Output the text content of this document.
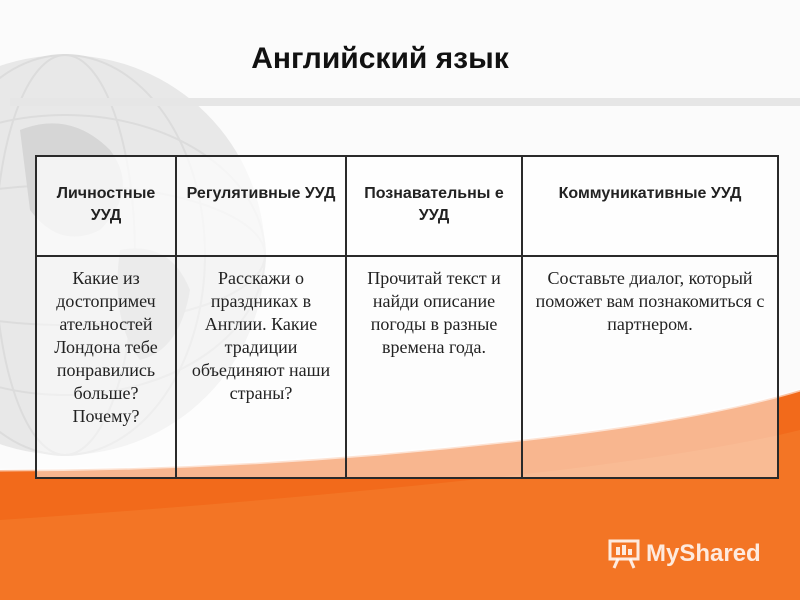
Английский язык
Личностные УУД	Регулятивные УУД	Познавательны е УУД	Коммуникативные УУД

Какие из достопримеч ательностей Лондона тебе понравились больше? Почему?	Расскажи о праздниках в Англии. Какие традиции объединяют наши страны?	Прочитай текст и найди описание погоды в разные времена года.	Составьте диалог, который поможет вам познакомиться с партнером.
MyShared
